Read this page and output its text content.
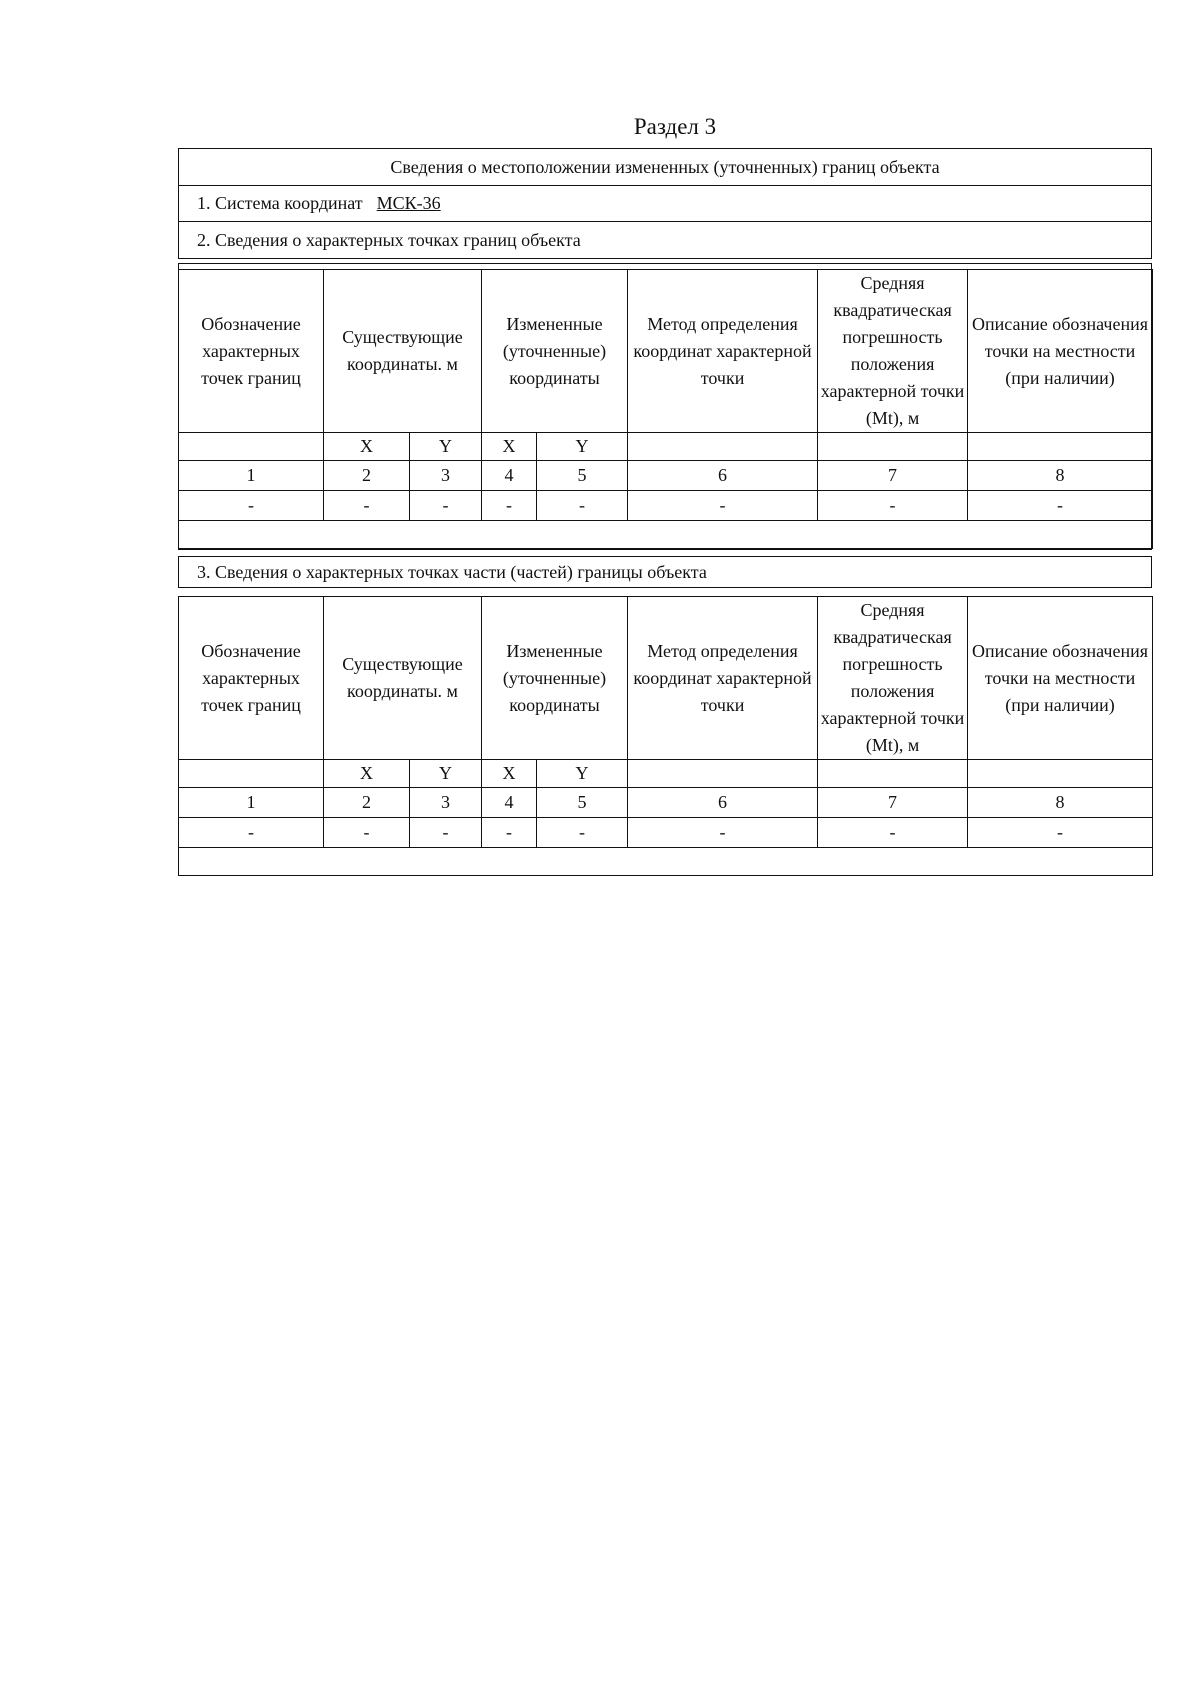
Раздел 3
Сведения о местоположении измененных (уточненных) границ объекта
1. Система координат МСК-36
2. Сведения о характерных точках границ объекта
Обозначение характерных точек границ	Существующие координаты. м		Измененные (уточненные) координаты		Метод определения координат характерной точки	Средняя квадратическая погрешность положения характерной точки (Mt), м	Описание обозначения точки на местности (при наличии)
	X	Y	X	Y			
1	2	3	4	5	6	7	8
-	-	-	-	-	-	-	-

3. Сведения о характерных точках части (частей) границы объекта
Обозначение характерных точек границ	Существующие координаты. м		Измененные (уточненные) координаты		Метод определения координат характерной точки	Средняя квадратическая погрешность положения характерной точки (Mt), м	Описание обозначения точки на местности (при наличии)
	X	Y	X	Y			
1	2	3	4	5	6	7	8
-	-	-	-	-	-	-	-
